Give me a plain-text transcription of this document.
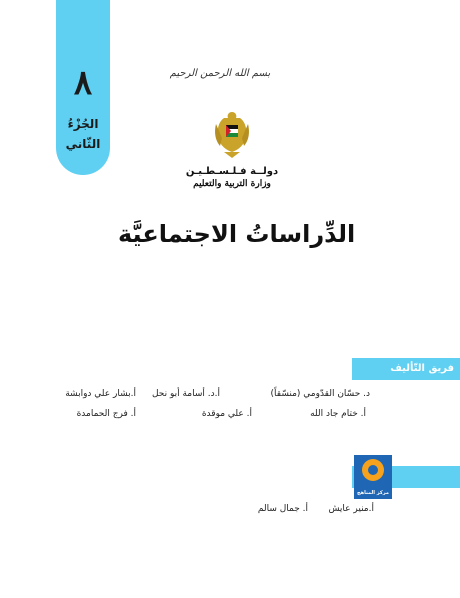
٨
الجُزْءُ
الثّاني
بسم الله الرحمن الرحيم
دولــة فـلـسـطـيـن
وزارة التربية والتعليم
الدِّراساتُ الاجتماعيَّة
فريق التّأليف
د. حسّان القدّومي (منسّقاً)
أ.د. أسامة أبو نحل
أ.بشار علي دوابشة
أ. ختام جاد الله
أ. علي موقدة
أ. فرج الحمامدة
مركز المناهج
أ.منير عايش
أ. جمال سالم
